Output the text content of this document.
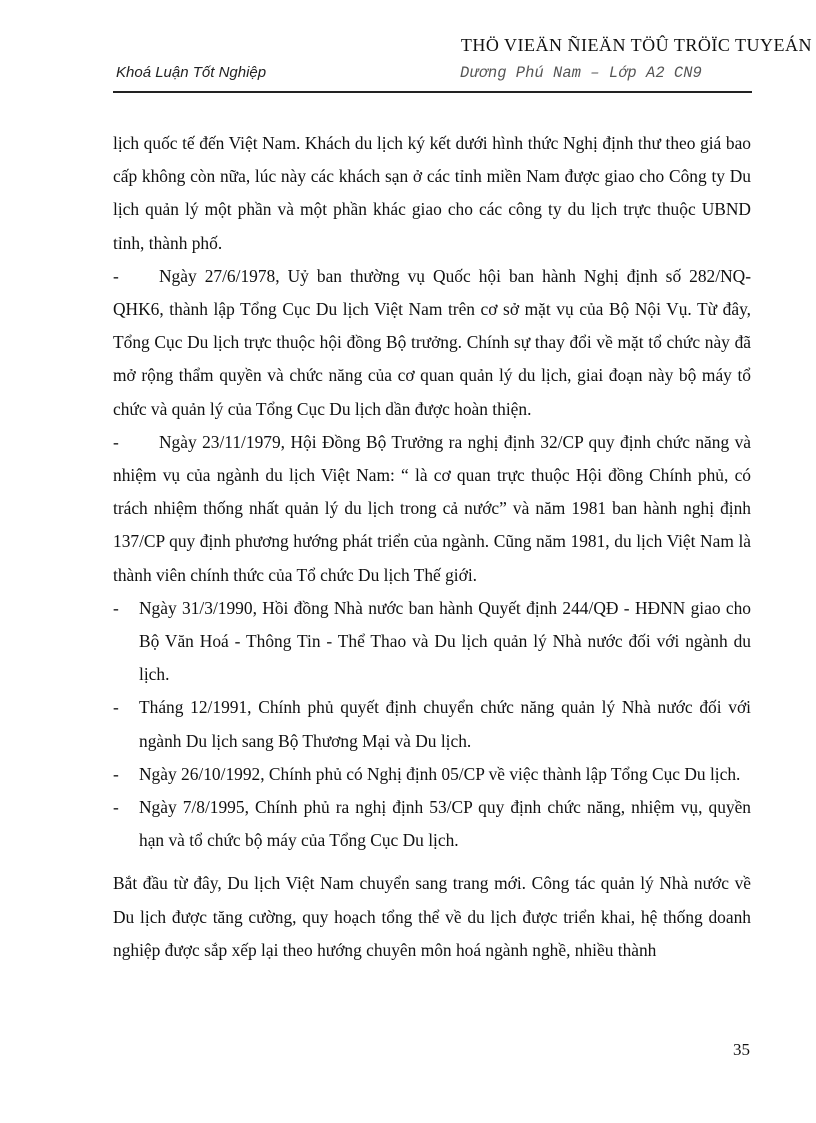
THÖ VIEÄN ÑIEÄN TÖÛ TRÖÏC TUYEÁN
Khoá Luận Tốt Nghiệp	Dương Phú Nam – Lớp A2 CN9

lịch quốc tế đến Việt Nam. Khách du lịch ký kết dưới hình thức Nghị định thư theo giá bao cấp không còn nữa, lúc này các khách sạn ở các tỉnh miền Nam được giao cho Công ty Du lịch quản lý một phần và một phần khác giao cho các công ty du lịch trực thuộc UBND tỉnh, thành phố.

- Ngày 27/6/1978, Uỷ ban thường vụ Quốc hội ban hành Nghị định số 282/NQ-QHK6, thành lập Tổng Cục Du lịch Việt Nam trên cơ sở mặt vụ của Bộ Nội Vụ. Từ đây, Tổng Cục Du lịch trực thuộc hội đồng Bộ trưởng. Chính sự thay đổi về mặt tổ chức này đã mở rộng thẩm quyền và chức năng của cơ quan quản lý du lịch, giai đoạn này bộ máy tổ chức và quản lý của Tổng Cục Du lịch dần được hoàn thiện.

- Ngày 23/11/1979, Hội Đồng Bộ Trưởng ra nghị định 32/CP quy định chức năng và nhiệm vụ của ngành du lịch Việt Nam: “ là cơ quan trực thuộc Hội đồng Chính phủ, có trách nhiệm thống nhất quản lý du lịch trong cả nước” và năm 1981 ban hành nghị định 137/CP quy định phương hướng phát triển của ngành. Cũng năm 1981, du lịch Việt Nam là thành viên chính thức của Tổ chức Du lịch Thế giới.

- Ngày 31/3/1990, Hồi đồng Nhà nước ban hành Quyết định 244/QĐ - HĐNN giao cho Bộ Văn Hoá - Thông Tin - Thể Thao và Du lịch quản lý Nhà nước đối với ngành du lịch.

- Tháng 12/1991, Chính phủ quyết định chuyển chức năng quản lý Nhà nước đối với ngành Du lịch sang Bộ Thương Mại và Du lịch.

- Ngày 26/10/1992, Chính phủ có Nghị định 05/CP về việc thành lập Tổng Cục Du lịch.

- Ngày 7/8/1995, Chính phủ ra nghị định 53/CP quy định chức năng, nhiệm vụ, quyền hạn và tổ chức bộ máy của Tổng Cục Du lịch.

Bắt đầu từ đây, Du lịch Việt Nam chuyển sang trang mới. Công tác quản lý Nhà nước về Du lịch được tăng cường, quy hoạch tổng thể về du lịch được triển khai, hệ thống doanh nghiệp được sắp xếp lại theo hướng chuyên môn hoá ngành nghề, nhiều thành

35
